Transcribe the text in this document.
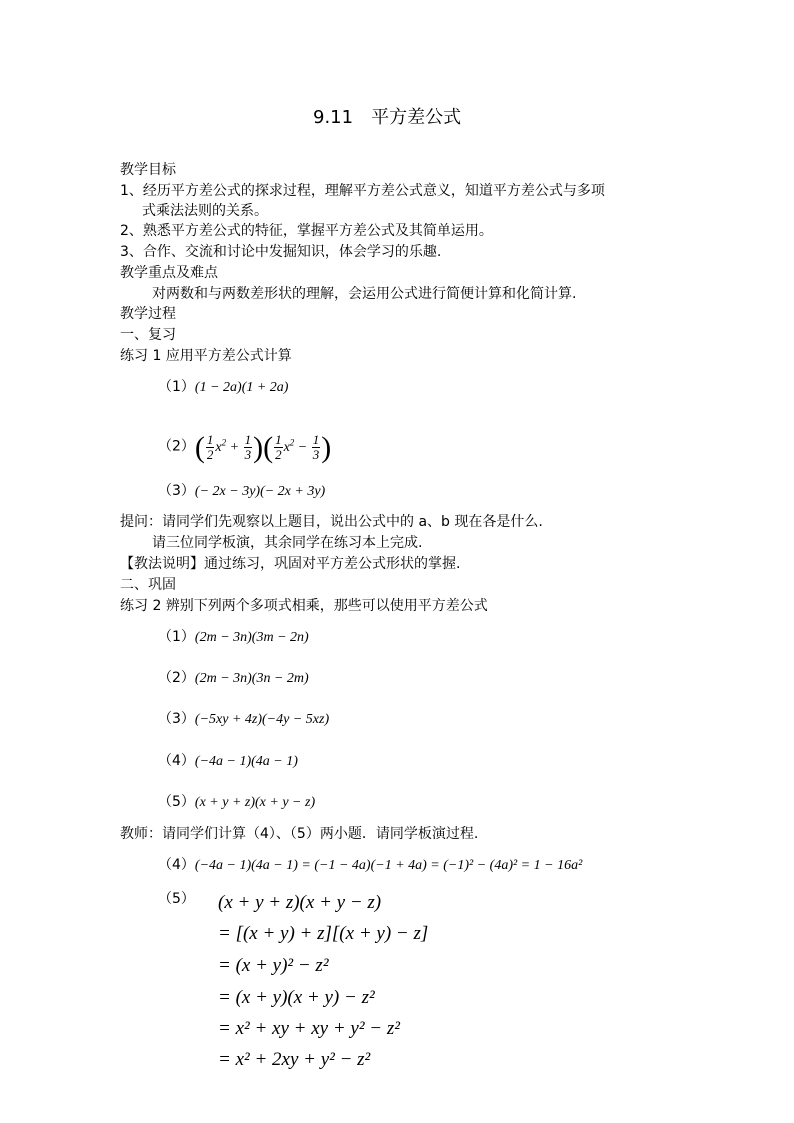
9.11　平方差公式
教学目标
1、经历平方差公式的探求过程，理解平方差公式意义，知道平方差公式与多项
式乘法法则的关系。
2、熟悉平方差公式的特征，掌握平方差公式及其简单运用。
3、合作、交流和讨论中发掘知识，体会学习的乐趣.
教学重点及难点
对两数和与两数差形状的理解，会运用公式进行简便计算和化简计算.
教学过程
一、复习
练习 1 应用平方差公式计算
（1）(1 − 2a)(1 + 2a)
$(2)( \frac{1}{2} x^2 + \frac{1}{3}$ )( $\frac{1}{2} x^2 - \frac{1}{3}$ )
（3）(− 2x − 3y)(− 2x + 3y)
提问：请同学们先观察以上题目，说出公式中的 a、b 现在各是什么.
请三位同学板演，其余同学在练习本上完成.
【教法说明】通过练习，巩固对平方差公式形状的掌握.
二、巩固
练习 2 辨别下列两个多项式相乘，那些可以使用平方差公式
（1）(2m − 3n)(3m − 2n)
（2）(2m − 3n)(3n − 2m)
（3）(−5xy + 4z)(−4y − 5xz)
（4）(−4a − 1)(4a − 1)
（5）(x + y + z)(x + y − z)
教师：请同学们计算（4）、（5）两小题．请同学板演过程.
（4）(−4a − 1)(4a − 1) = (−1 − 4a)(−1 + 4a) = (−1)² − (4a)² = 1 − 16a²
（5） (x + y + z)(x + y − z)
= [(x + y) + z][(x + y) − z]
= (x + y)² − z²
= (x + y)(x + y) − z²
= x² + xy + xy + y² − z²
= x² + 2xy + y² − z²
